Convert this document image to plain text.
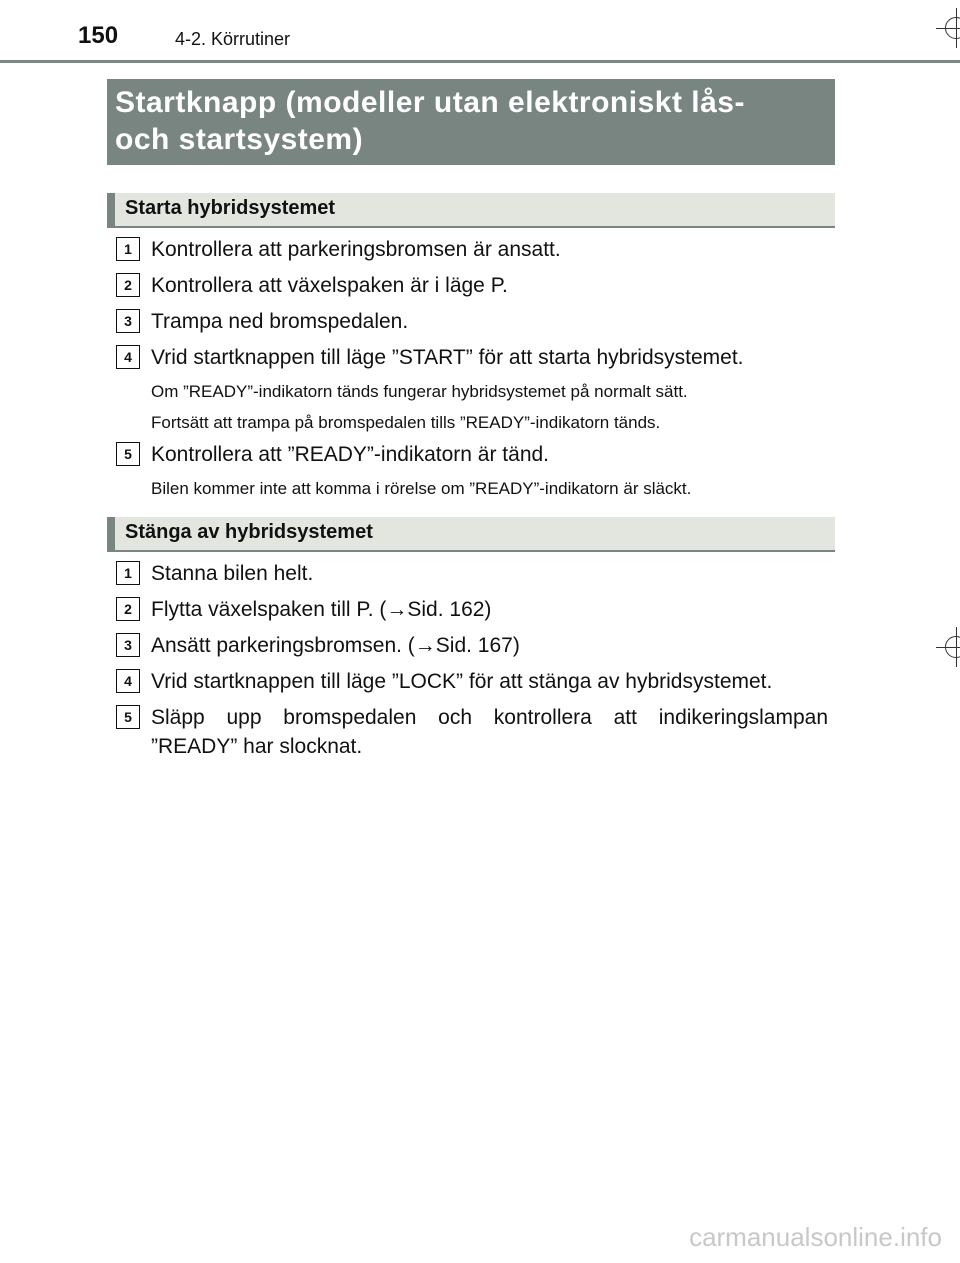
150	4-2. Körrutiner
Startknapp (modeller utan elektroniskt lås-
och startsystem)
Starta hybridsystemet
1 Kontrollera att parkeringsbromsen är ansatt.
2 Kontrollera att växelspaken är i läge P.
3 Trampa ned bromspedalen.
4 Vrid startknappen till läge ”START” för att starta hybridsystemet.
Om ”READY”-indikatorn tänds fungerar hybridsystemet på normalt sätt.
Fortsätt att trampa på bromspedalen tills ”READY”-indikatorn tänds.
5 Kontrollera att ”READY”-indikatorn är tänd.
Bilen kommer inte att komma i rörelse om ”READY”-indikatorn är släckt.
Stänga av hybridsystemet
1 Stanna bilen helt.
2 Flytta växelspaken till P. (→Sid. 162)
3 Ansätt parkeringsbromsen. (→Sid. 167)
4 Vrid startknappen till läge ”LOCK” för att stänga av hybridsystemet.
5 Släpp upp bromspedalen och kontrollera att indikeringslampan
”READY” har slocknat.
carmanualsonline.info
